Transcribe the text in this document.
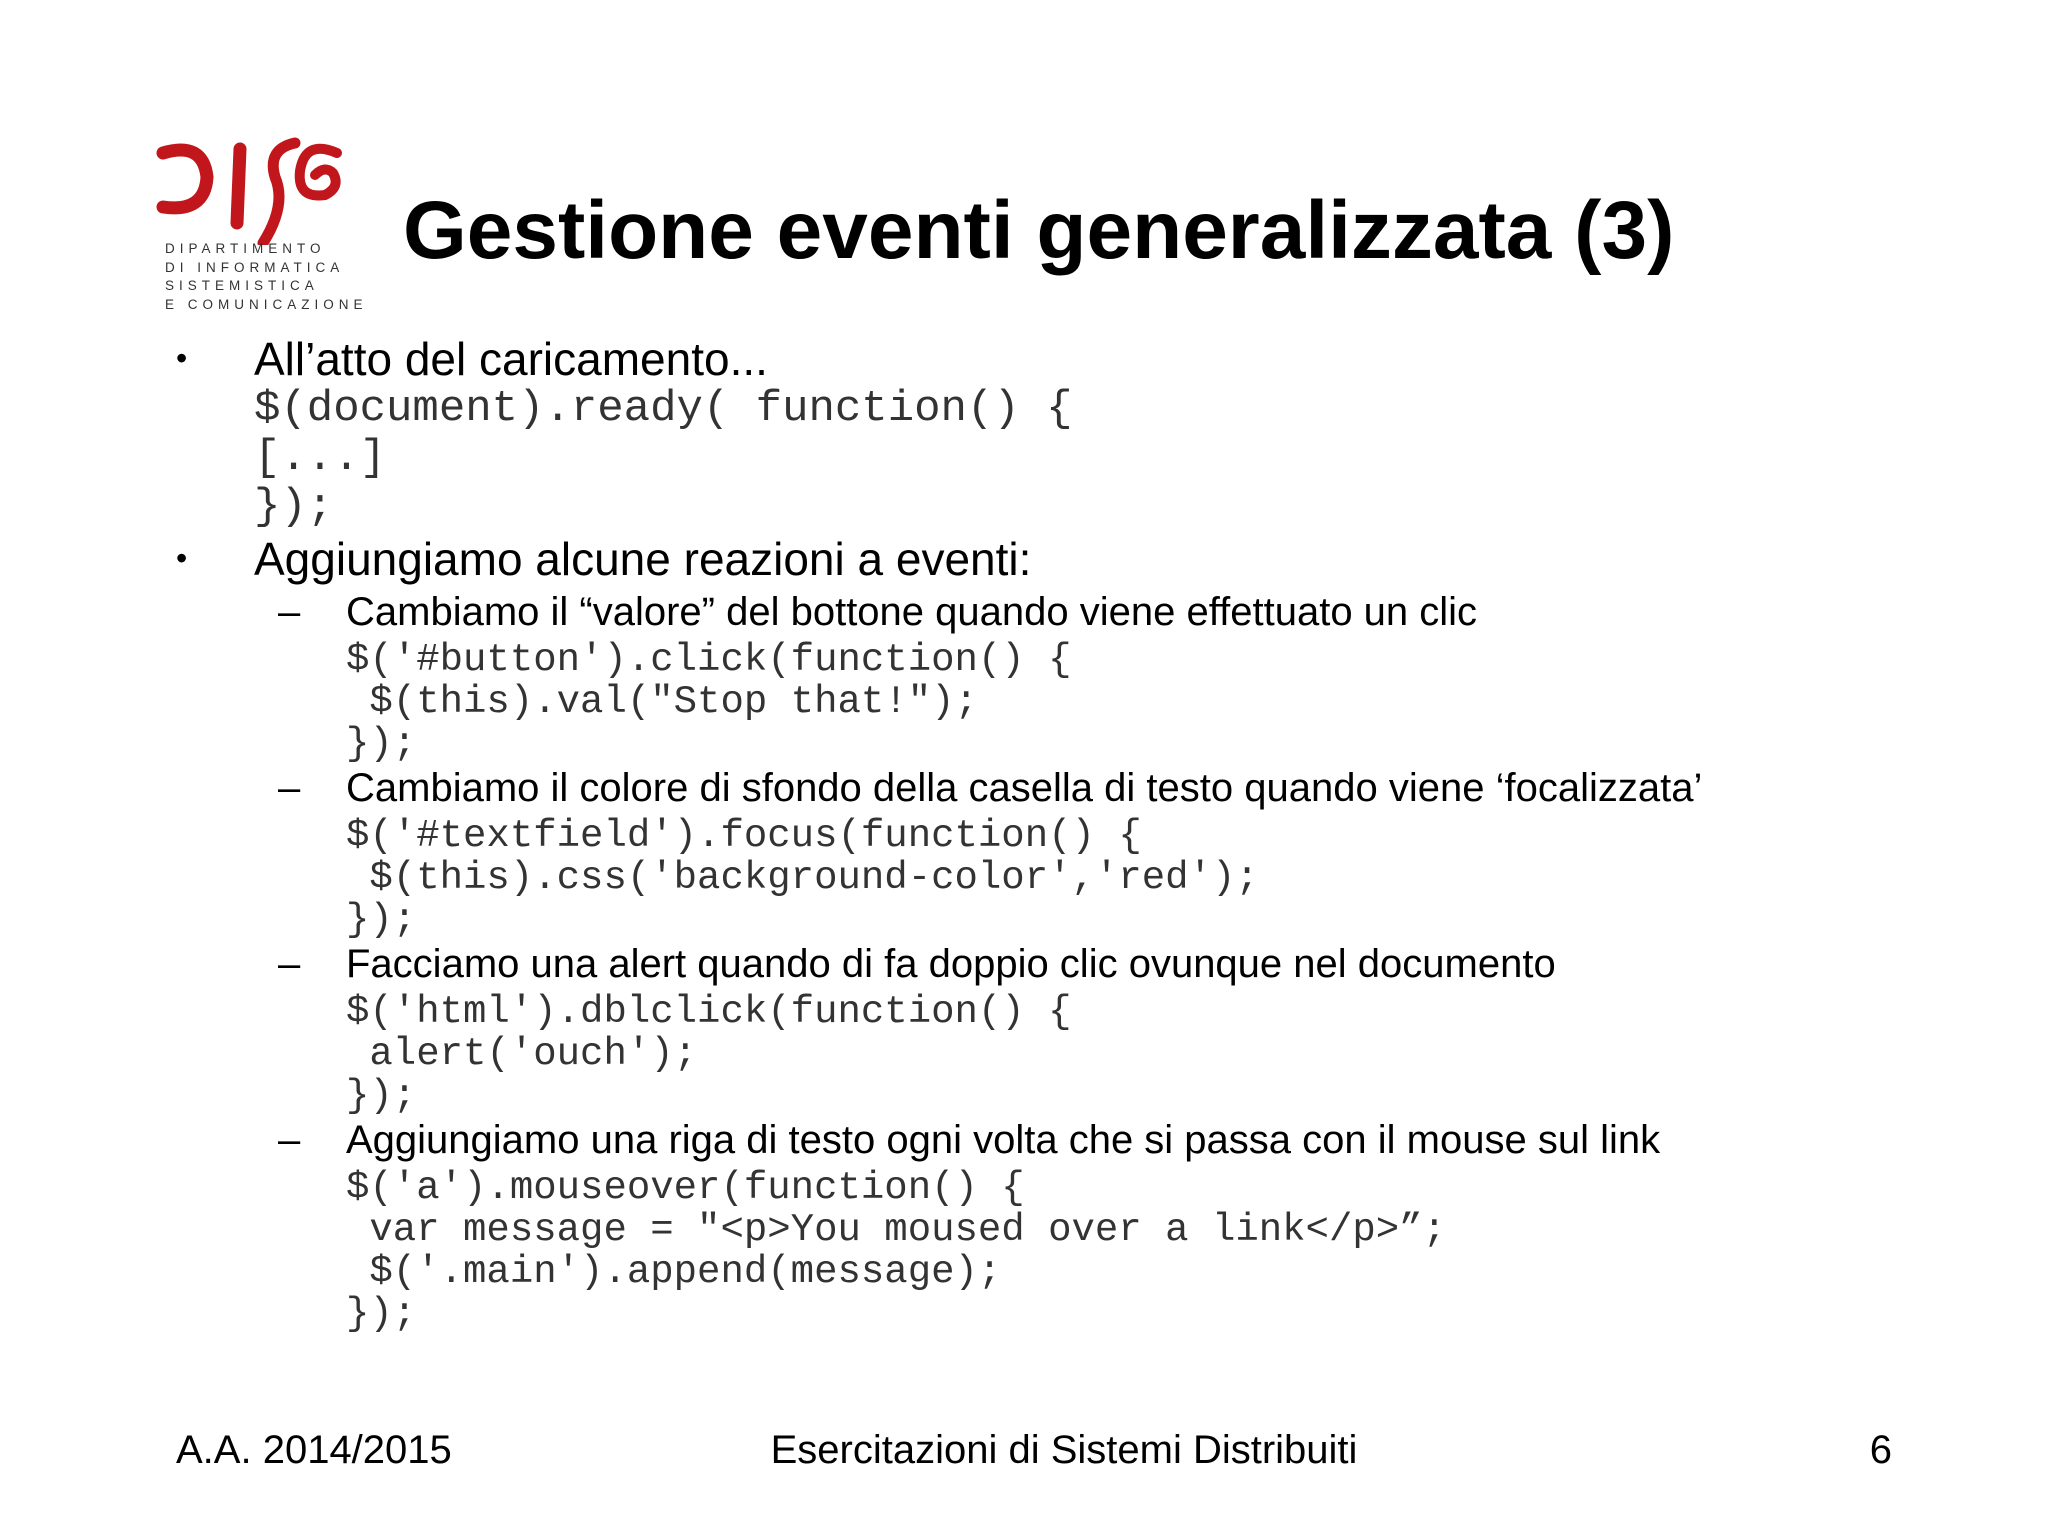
DIPARTIMENTO
DI INFORMATICA
SISTEMISTICA
E COMUNICAZIONE
Gestione eventi generalizzata (3)
• All’atto del caricamento...
$(document).ready( function() {
[...]
});
• Aggiungiamo alcune reazioni a eventi:
– Cambiamo il “valore” del bottone quando viene effettuato un clic
$('#button').click(function() {
$(this).val("Stop that!");
});
– Cambiamo il colore di sfondo della casella di testo quando viene ‘focalizzata’
$('#textfield').focus(function() {
$(this).css('background-color','red');
});
– Facciamo una alert quando di fa doppio clic ovunque nel documento
$('html').dblclick(function() {
alert('ouch');
});
– Aggiungiamo una riga di testo ogni volta che si passa con il mouse sul link
$('a').mouseover(function() {
var message = "<p>You moused over a link</p>”;
$('.main').append(message);
});
A.A. 2014/2015	Esercitazioni di Sistemi Distribuiti	6
